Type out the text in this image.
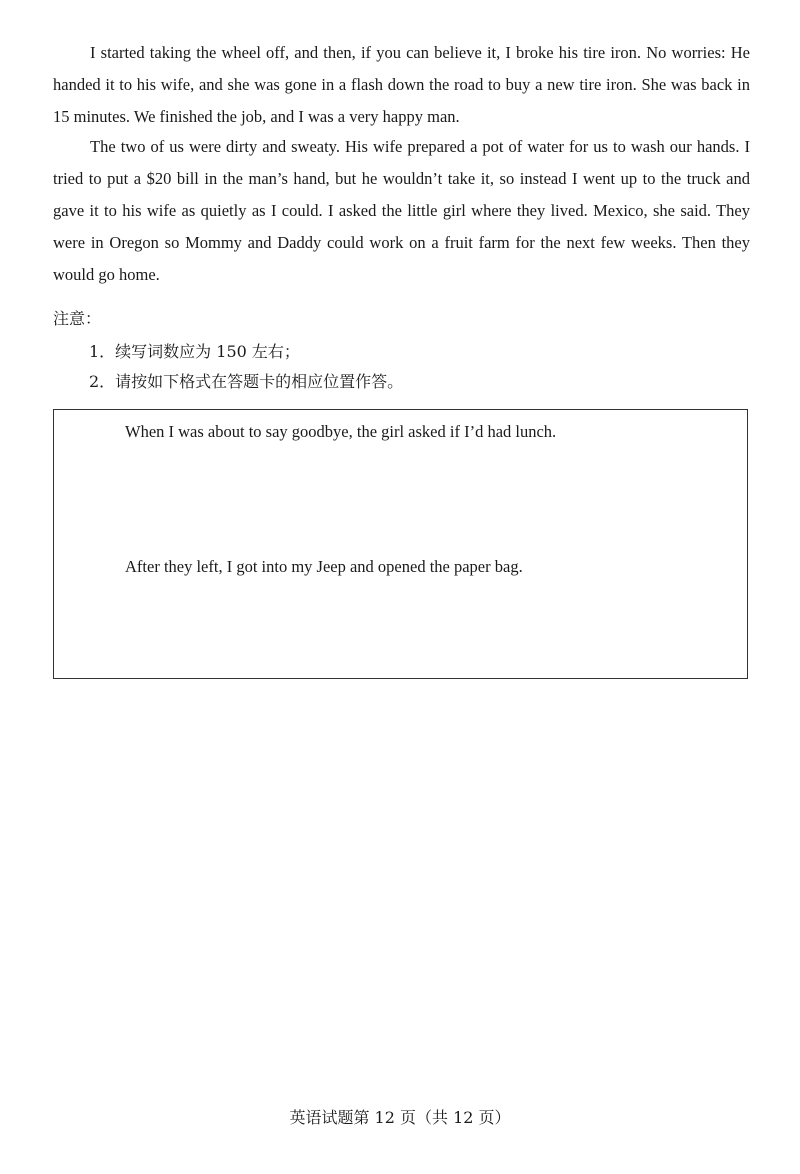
I started taking the wheel off, and then, if you can believe it, I broke his tire iron. No worries: He handed it to his wife, and she was gone in a flash down the road to buy a new tire iron. She was back in 15 minutes. We finished the job, and I was a very happy man.

The two of us were dirty and sweaty. His wife prepared a pot of water for us to wash our hands. I tried to put a $20 bill in the man’s hand, but he wouldn’t take it, so instead I went up to the truck and gave it to his wife as quietly as I could. I asked the little girl where they lived. Mexico, she said. They were in Oregon so Mommy and Daddy could work on a fruit farm for the next few weeks. Then they would go home.

注意：
1．续写词数应为 150 左右；
2．请按如下格式在答题卡的相应位置作答。
When I was about to say goodbye, the girl asked if I’d had lunch.
After they left, I got into my Jeep and opened the paper bag.
英语试题第 12 页（共 12 页）
